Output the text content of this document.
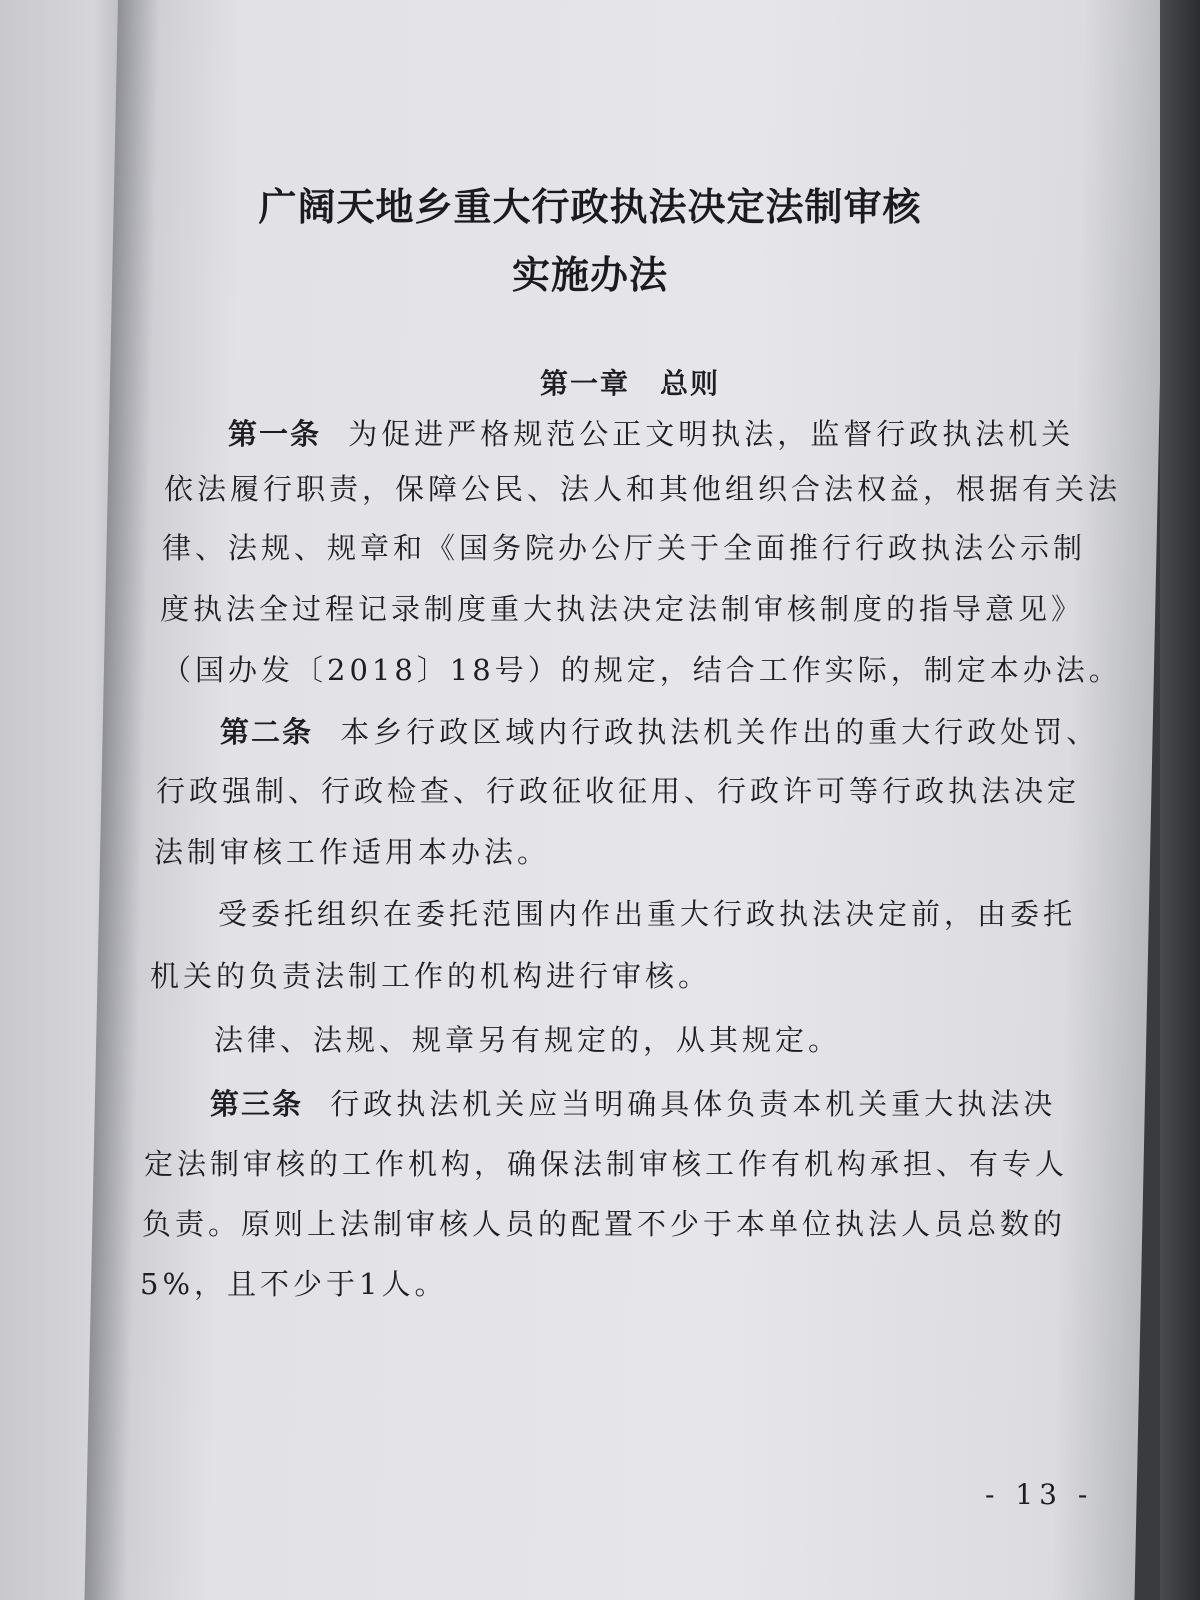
广阔天地乡重大行政执法决定法制审核
实施办法
第一章　总则
第一条 为促进严格规范公正文明执法，监督行政执法机关
依法履行职责，保障公民、法人和其他组织合法权益，根据有关法
律、法规、规章和《国务院办公厅关于全面推行行政执法公示制
度执法全过程记录制度重大执法决定法制审核制度的指导意见》
（国办发〔2018〕18号）的规定，结合工作实际，制定本办法。
第二条 本乡行政区域内行政执法机关作出的重大行政处罚、
行政强制、行政检查、行政征收征用、行政许可等行政执法决定
法制审核工作适用本办法。
受委托组织在委托范围内作出重大行政执法决定前，由委托
机关的负责法制工作的机构进行审核。
法律、法规、规章另有规定的，从其规定。
第三条 行政执法机关应当明确具体负责本机关重大执法决
定法制审核的工作机构，确保法制审核工作有机构承担、有专人
负责。原则上法制审核人员的配置不少于本单位执法人员总数的
5%，且不少于1人。
- 13 -
